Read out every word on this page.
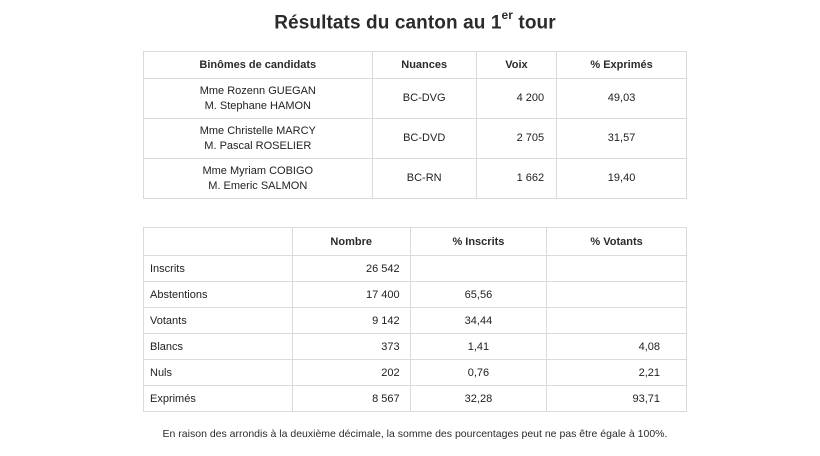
Résultats du canton au 1er tour
Binômes de candidats	Nuances	Voix	% Exprimés

Mme Rozenn GUEGAN
M. Stephane HAMON	BC-DVG	4 200	49,03

Mme Christelle MARCY
M. Pascal ROSELIER	BC-DVD	2 705	31,57

Mme Myriam COBIGO
M. Emeric SALMON	BC-RN	1 662	19,40
	Nombre	% Inscrits	% Votants
Inscrits	26 542		
Abstentions	17 400	65,56	
Votants	9 142	34,44	
Blancs	373	1,41	4,08
Nuls	202	0,76	2,21
Exprimés	8 567	32,28	93,71
En raison des arrondis à la deuxième décimale, la somme des pourcentages peut ne pas être égale à 100%.
